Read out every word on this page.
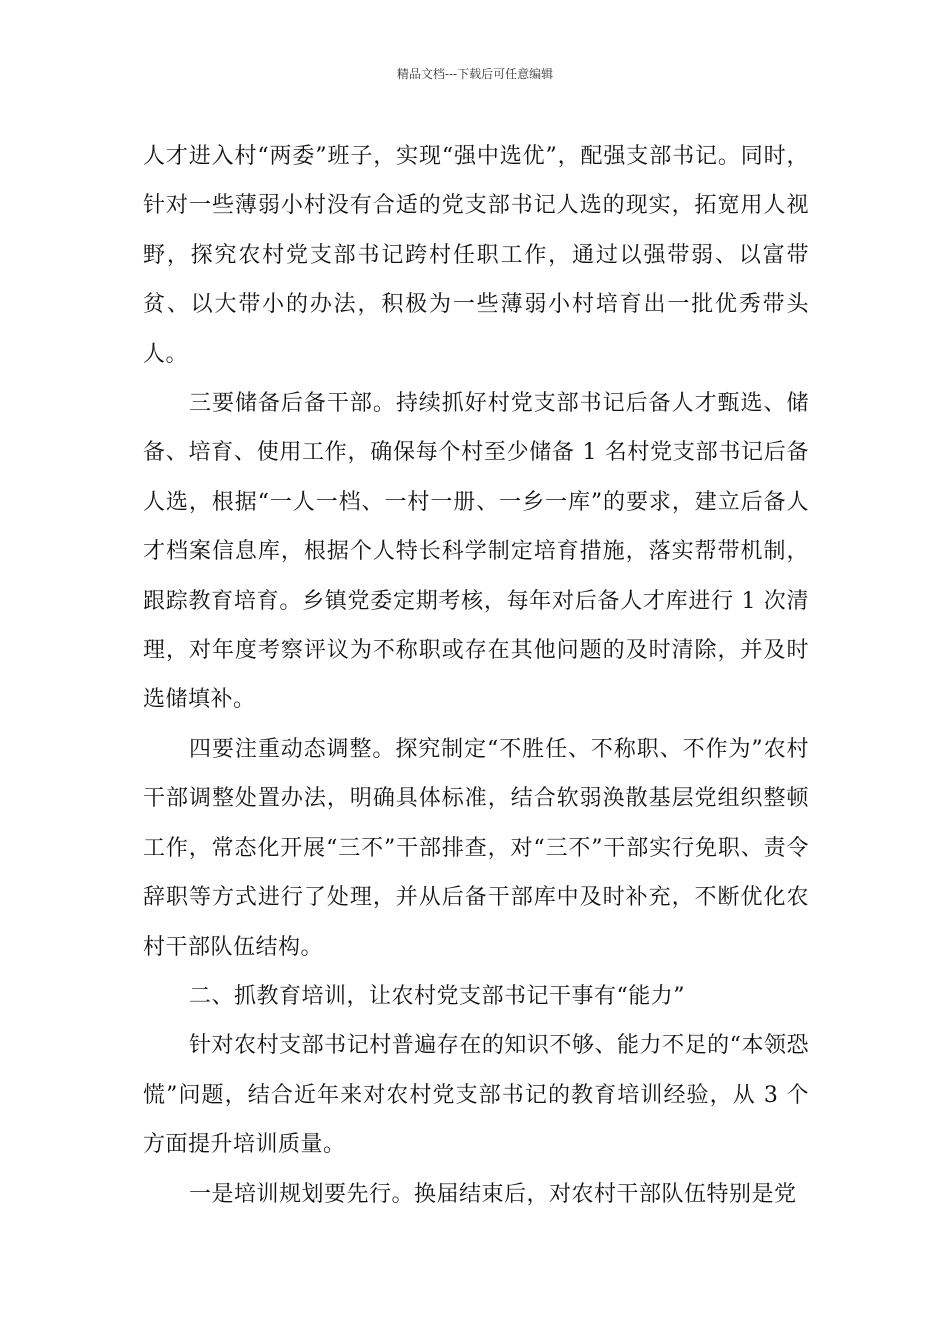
精品文档---下载后可任意编辑

人才进入村“两委”班子，实现“强中选优”，配强支部书记。同时，针对一些薄弱小村没有合适的党支部书记人选的现实，拓宽用人视野，探究农村党支部书记跨村任职工作，通过以强带弱、以富带贫、以大带小的办法，积极为一些薄弱小村培育出一批优秀带头人。

三要储备后备干部。持续抓好村党支部书记后备人才甄选、储备、培育、使用工作，确保每个村至少储备 1 名村党支部书记后备人选，根据“一人一档、一村一册、一乡一库”的要求，建立后备人才档案信息库，根据个人特长科学制定培育措施，落实帮带机制，跟踪教育培育。乡镇党委定期考核，每年对后备人才库进行 1 次清理，对年度考察评议为不称职或存在其他问题的及时清除，并及时选储填补。

四要注重动态调整。探究制定“不胜任、不称职、不作为”农村干部调整处置办法，明确具体标准，结合软弱涣散基层党组织整顿工作，常态化开展“三不”干部排查，对“三不”干部实行免职、责令辞职等方式进行了处理，并从后备干部库中及时补充，不断优化农村干部队伍结构。

二、抓教育培训，让农村党支部书记干事有“能力”

针对农村支部书记村普遍存在的知识不够、能力不足的“本领恐慌”问题，结合近年来对农村党支部书记的教育培训经验，从 3 个方面提升培训质量。

一是培训规划要先行。换届结束后，对农村干部队伍特别是党
